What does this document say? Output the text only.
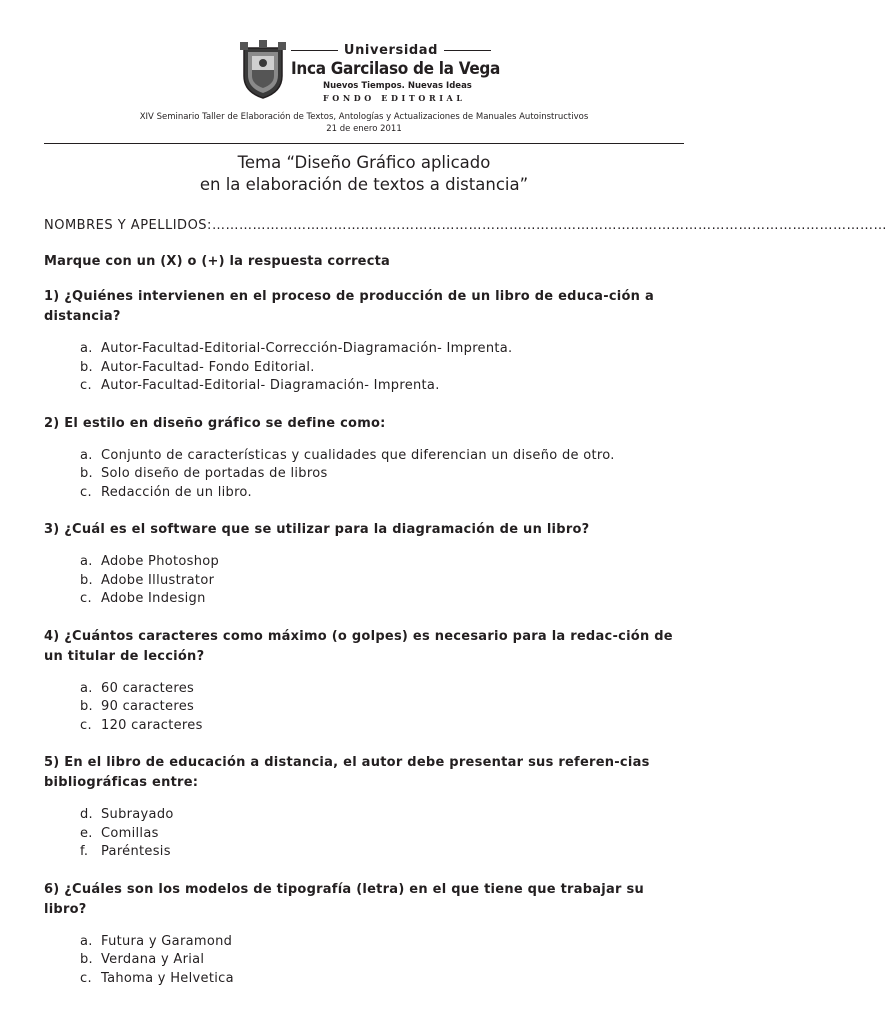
Universidad
Inca Garcilaso de la Vega
Nuevos Tiempos. Nuevas Ideas
FONDO EDITORIAL
XIV Seminario Taller de Elaboración de Textos, Antologías y Actualizaciones de Manuales Autoinstructivos
21 de enero 2011
Tema “Diseño Gráfico aplicado
en la elaboración de textos a distancia”
NOMBRES Y APELLIDOS:……………………………………………………………………………………………………………………………………
Marque con un (X) o (+) la respuesta correcta
1) ¿Quiénes intervienen en el proceso de producción de un libro de educa-ción a distancia?
a. Autor-Facultad-Editorial-Corrección-Diagramación- Imprenta.
b. Autor-Facultad- Fondo Editorial.
c. Autor-Facultad-Editorial- Diagramación- Imprenta.
2) El estilo en diseño gráfico se define como:
a. Conjunto de características y cualidades que diferencian un diseño de otro.
b. Solo diseño de portadas de libros
c. Redacción de un libro.
3) ¿Cuál es el software que se utilizar para la diagramación de un libro?
a. Adobe Photoshop
b. Adobe Illustrator
c. Adobe Indesign
4) ¿Cuántos caracteres como máximo (o golpes) es necesario para la redac-ción de un titular de lección?
a. 60 caracteres
b. 90 caracteres
c. 120 caracteres
5) En el libro de educación a distancia, el autor debe presentar sus referen-cias bibliográficas entre:
d. Subrayado
e. Comillas
f. Paréntesis
6) ¿Cuáles son los modelos de tipografía (letra) en el que tiene que trabajar su libro?
a. Futura y Garamond
b. Verdana y Arial
c. Tahoma y Helvetica
